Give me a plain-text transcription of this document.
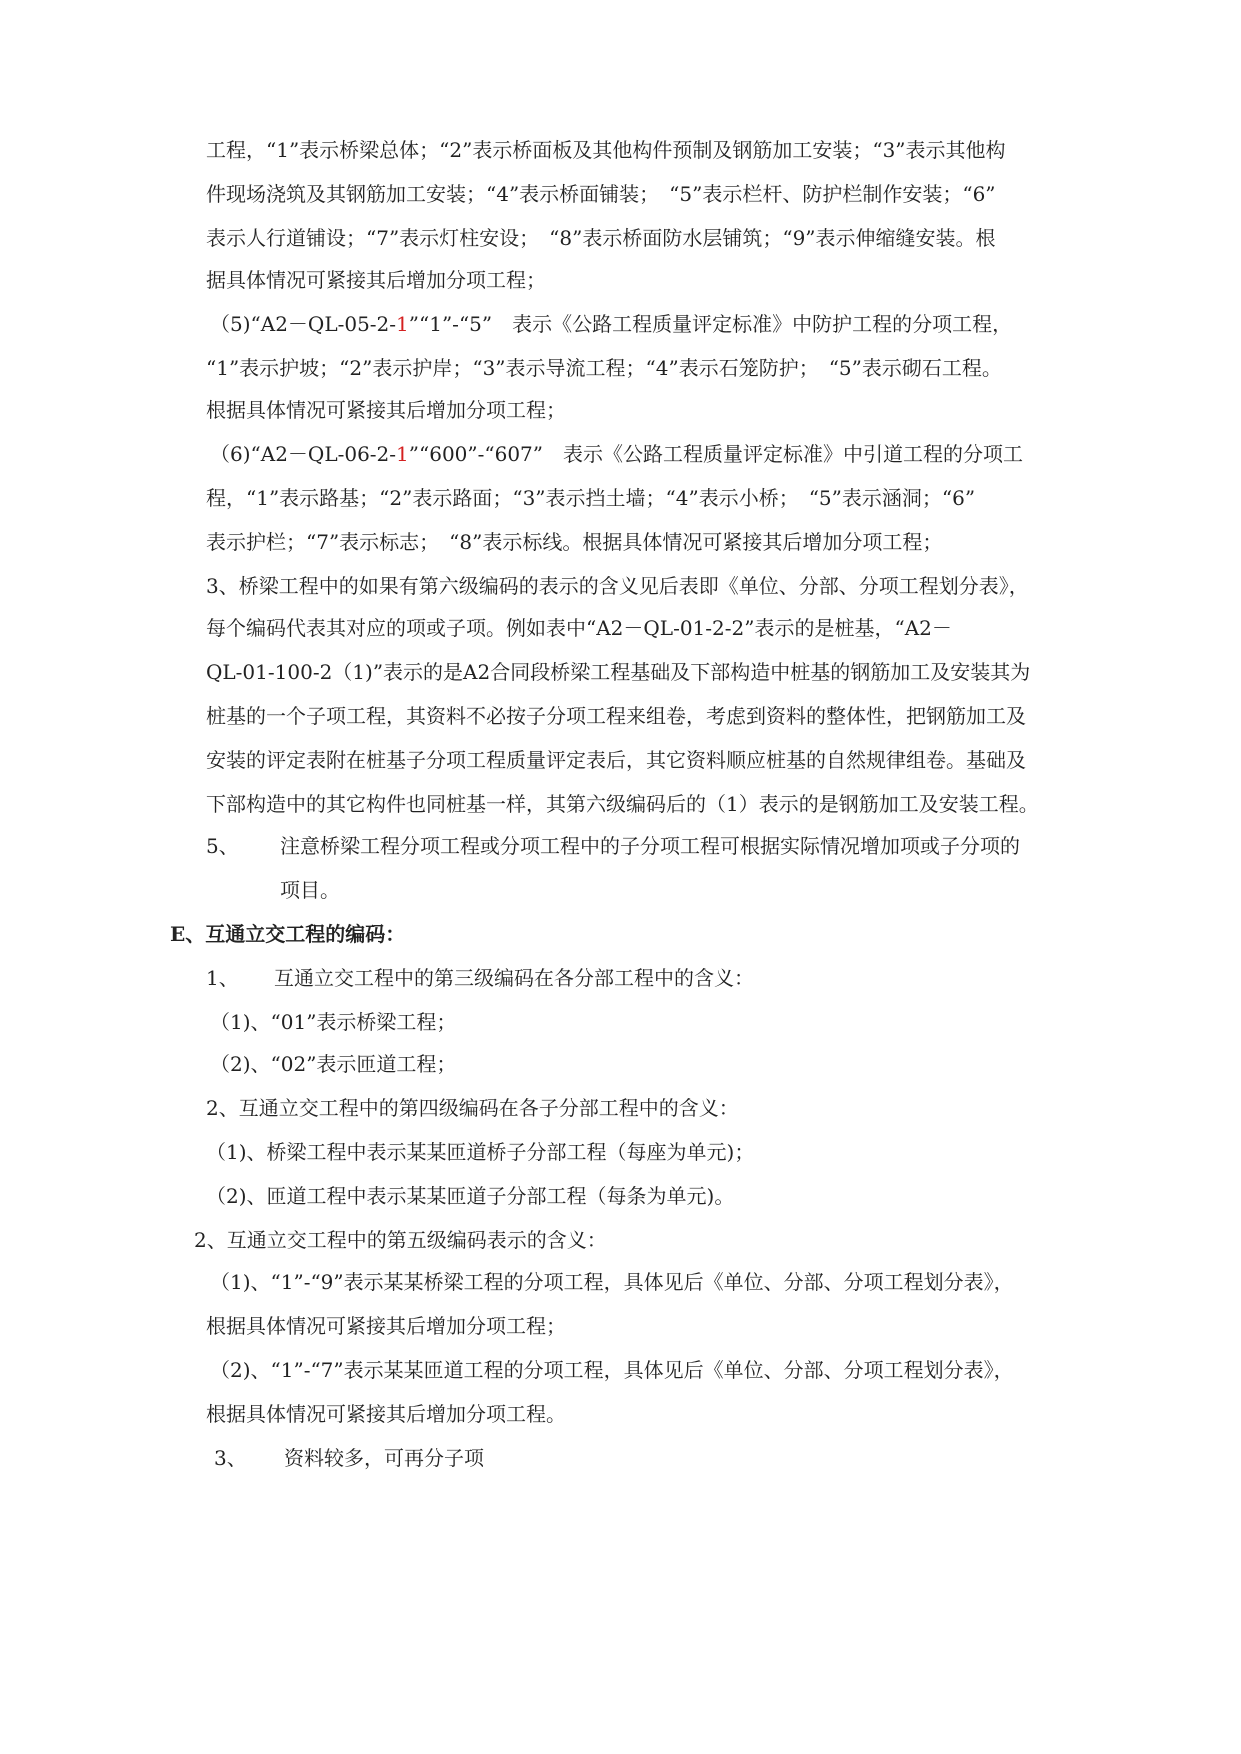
工程，“1”表示桥梁总体；“2”表示桥面板及其他构件预制及钢筋加工安装；“3”表示其他构
件现场浇筑及其钢筋加工安装；“4”表示桥面铺装；　“5”表示栏杆、防护栏制作安装；“6”
表示人行道铺设；“7”表示灯柱安设；　“8”表示桥面防水层铺筑；“9”表示伸缩缝安装。根
据具体情况可紧接其后增加分项工程；
（5)“A2－QL-05-2-1”“1”-“5”　表示《公路工程质量评定标准》中防护工程的分项工程，
“1”表示护坡；“2”表示护岸；“3”表示导流工程；“4”表示石笼防护；　“5”表示砌石工程。
根据具体情况可紧接其后增加分项工程；
（6)“A2－QL-06-2-1”“600”-“607”　表示《公路工程质量评定标准》中引道工程的分项工
程，“1”表示路基；“2”表示路面；“3”表示挡土墙；“4”表示小桥；　“5”表示涵洞；“6”
表示护栏；“7”表示标志；　“8”表示标线。根据具体情况可紧接其后增加分项工程；
3、桥梁工程中的如果有第六级编码的表示的含义见后表即《单位、分部、分项工程划分表》，
每个编码代表其对应的项或子项。例如表中“A2－QL-01-2-2”表示的是桩基，“A2－
QL-01-100-2（1)”表示的是A2合同段桥梁工程基础及下部构造中桩基的钢筋加工及安装其为
桩基的一个子项工程，其资料不必按子分项工程来组卷，考虑到资料的整体性，把钢筋加工及
安装的评定表附在桩基子分项工程质量评定表后，其它资料顺应桩基的自然规律组卷。基础及
下部构造中的其它构件也同桩基一样，其第六级编码后的（1）表示的是钢筋加工及安装工程。
5、 注意桥梁工程分项工程或分项工程中的子分项工程可根据实际情况增加项或子分项的
项目。
E、互通立交工程的编码：
1、 互通立交工程中的第三级编码在各分部工程中的含义：
（1)、“01”表示桥梁工程；
（2)、“02”表示匝道工程；
2、互通立交工程中的第四级编码在各子分部工程中的含义：
（1)、桥梁工程中表示某某匝道桥子分部工程（每座为单元)；
（2)、匝道工程中表示某某匝道子分部工程（每条为单元)。
2、互通立交工程中的第五级编码表示的含义：
（1)、“1”-“9”表示某某桥梁工程的分项工程，具体见后《单位、分部、分项工程划分表》，
根据具体情况可紧接其后增加分项工程；
（2)、“1”-“7”表示某某匝道工程的分项工程，具体见后《单位、分部、分项工程划分表》，
根据具体情况可紧接其后增加分项工程。
3、 资料较多，可再分子项
